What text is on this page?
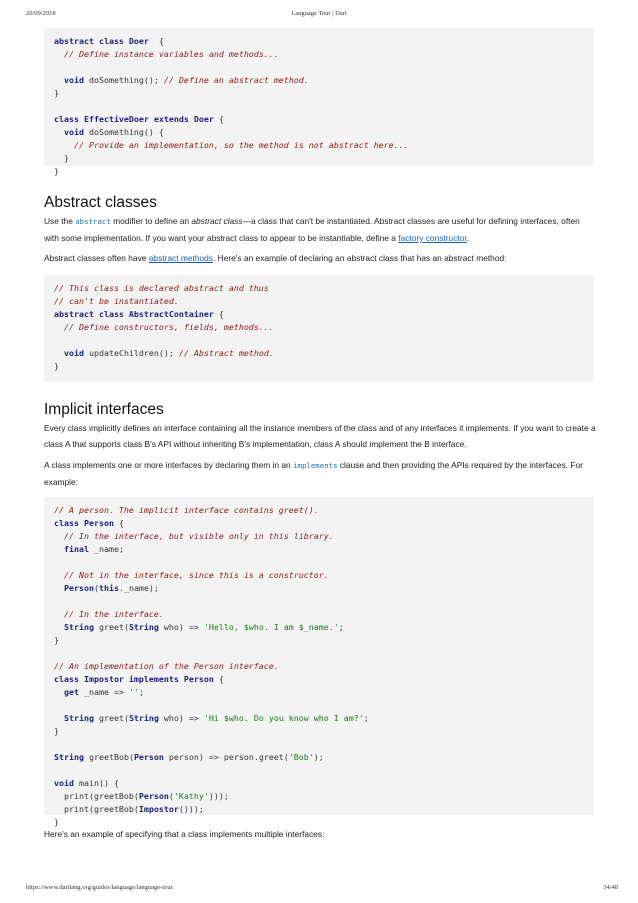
20/09/2018	Language Tour | Dart
abstract class Doer  {
// Define instance variables and methods...
void doSomething(); // Define an abstract method.
}
class EffectiveDoer extends Doer {
void doSomething() {
// Provide an implementation, so the method is not abstract here...
}
}
Abstract classes

Use the abstract modifier to define an abstract class—a class that can't be instantiated. Abstract classes are useful for defining interfaces, often with some implementation. If you want your abstract class to appear to be instantiable, define a factory constructor.

Abstract classes often have abstract methods. Here's an example of declaring an abstract class that has an abstract method:

// This class is declared abstract and thus
// can't be instantiated.
abstract class AbstractContainer {
// Define constructors, fields, methods...
void updateChildren(); // Abstract method.
}
Implicit interfaces

Every class implicitly defines an interface containing all the instance members of the class and of any interfaces it implements. If you want to create a class A that supports class B's API without inheriting B's implementation, class A should implement the B interface.

A class implements one or more interfaces by declaring them in an implements clause and then providing the APIs required by the interfaces. For example:

// A person. The implicit interface contains greet().
class Person {
// In the interface, but visible only in this library.
final _name;
// Not in the interface, since this is a constructor.
Person(this._name);
// In the interface.
String greet(String who) => 'Hello, $who. I am $_name.';
}
// An implementation of the Person interface.
class Impostor implements Person {
get _name => '';
String greet(String who) => 'Hi $who. Do you know who I am?';
}
String greetBob(Person person) => person.greet('Bob');
void main() {
print(greetBob(Person('Kathy')));
print(greetBob(Impostor()));
}

Here's an example of specifying that a class implements multiple interfaces:

https://www.dartlang.org/guides/language/language-tour	34/48
